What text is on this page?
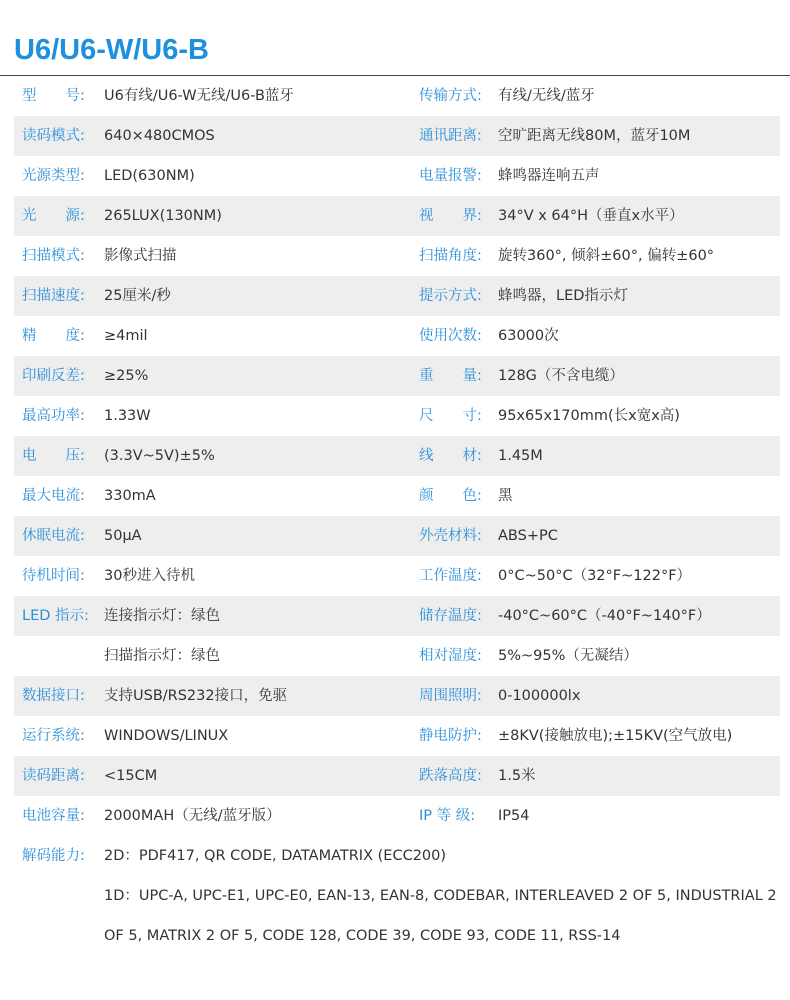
U6/U6-W/U6-B
型　　号: U6有线/U6-W无线/U6-B蓝牙	传输方式: 有线/无线/蓝牙
读码模式: 640×480CMOS	通讯距离: 空旷距离无线80M，蓝牙10M
光源类型: LED(630NM)	电量报警: 蜂鸣器连响五声
光　　源: 265LUX(130NM)	视　　界: 34°V x 64°H（垂直x水平）
扫描模式: 影像式扫描	扫描角度: 旋转360°, 倾斜±60°, 偏转±60°
扫描速度: 25厘米/秒	提示方式: 蜂鸣器，LED指示灯
精　　度: ≥4mil	使用次数: 63000次
印刷反差: ≥25%	重　　量: 128G（不含电缆）
最高功率: 1.33W	尺　　寸: 95x65x170mm(长x宽x高)
电　　压: (3.3V~5V)±5%	线　　材: 1.45M
最大电流: 330mA	颜　　色: 黑
休眠电流: 50μA	外壳材料: ABS+PC
待机时间: 30秒进入待机	工作温度: 0°C~50°C（32°F~122°F）
LED 指示: 连接指示灯：绿色	储存温度: -40°C~60°C（-40°F~140°F）
扫描指示灯：绿色	相对湿度: 5%~95%（无凝结）
数据接口: 支持USB/RS232接口，免驱	周围照明: 0-100000lx
运行系统: WINDOWS/LINUX	静电防护: ±8KV(接触放电);±15KV(空气放电)
读码距离: <15CM	跌落高度: 1.5米
电池容量: 2000MAH（无线/蓝牙版）	IP 等 级: IP54
解码能力: 2D：PDF417, QR CODE, DATAMATRIX (ECC200)
1D：UPC-A, UPC-E1, UPC-E0, EAN-13, EAN-8, CODEBAR, INTERLEAVED 2 OF 5, INDUSTRIAL 2
OF 5, MATRIX 2 OF 5, CODE 128, CODE 39, CODE 93, CODE 11, RSS-14
